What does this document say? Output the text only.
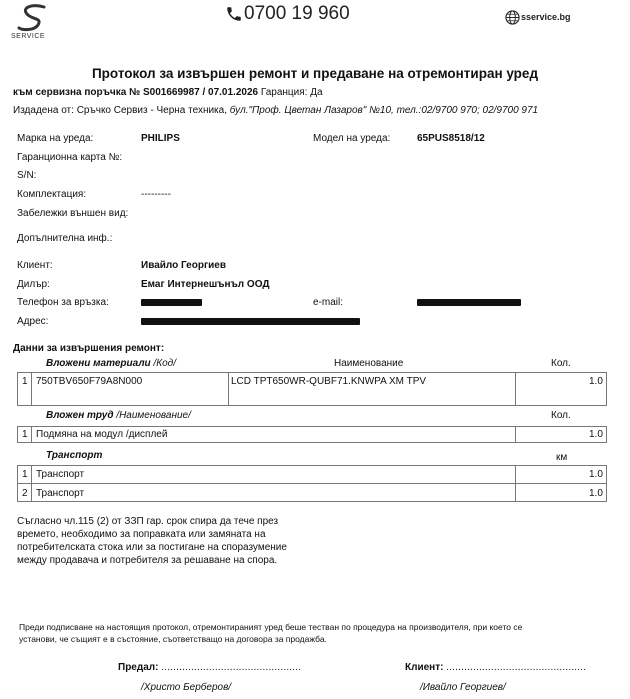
SERVICE
0700 19 960	sservice.bg
Протокол за извършен ремонт и предаване на отремонтиран уред
към сервизна поръчка № S001669987 / 07.01.2026 Гаранция: Да
Издадена от: Сръчко Сервиз - Черна техника, бул."Проф. Цветан Лазаров" №10, тел.:02/9700 970; 02/9700 971
Марка на уреда:	PHILIPS	Модел на уреда:	65PUS8518/12
Гаранционна карта №:
S/N:
Комплектация:	---------
Забележки външен вид:
Допълнителна инф.:
Клиент:	Ивайло Георгиев
Дилър:	Емаг Интернешънъл ООД
Телефон за връзка:	e-mail:
Адрес:
Данни за извършения ремонт:
Вложени материали /Код/	Наименование	Кол.
1 750TBV650F79A8N000	LCD TPT650WR-QUBF71.KNWPA XM TPV	1.0
Вложен труд /Наименование/	Кол.
1 Подмяна на модул /дисплей	1.0
Транспорт	км
1 Транспорт	1.0
2 Транспорт	1.0
Съгласно чл.115 (2) от ЗЗП гар. срок спира да тече през
времето, необходимо за поправката или замяната на
потребителската стока или за постигане на споразумение
между продавача и потребителя за решаване на спора.
Преди подписване на настоящия протокол, отремонтираният уред беше тестван по процедура на производителя, при което се
установи, че същият е в състояние, съответстващо на договора за продажба.
Предал: ...............................................
/Христо Берберов/
Клиент: ...............................................
/Ивайло Георгиев/
